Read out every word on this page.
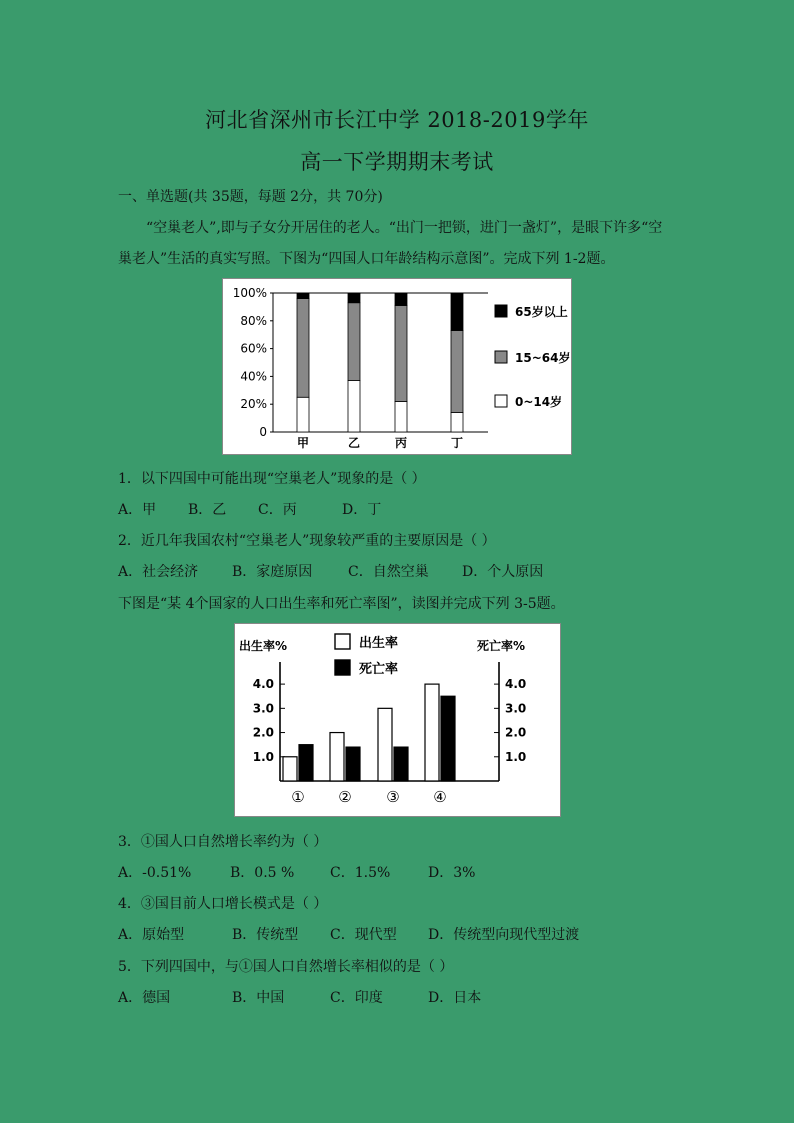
河北省深州市长江中学 2018-2019学年
高一下学期期末考试
一、单选题(共 35题，每题 2分，共 70分)
“空巢老人”,即与子女分开居住的老人。“出门一把锁，进门一盏灯”，是眼下许多“空
巢老人”生活的真实写照。下图为“四国人口年龄结构示意图”。完成下列 1-2题。
0
20%
40%
60%
80%
100%
甲	乙	丙	丁
65岁以上
15~64岁
0~14岁
1．以下四国中可能出现“空巢老人”现象的是（ ）
A．甲 B．乙 C．丙	D．丁
2．近几年我国农村“空巢老人”现象较严重的主要原因是（ ）
A．社会经济 B．家庭原因	C．自然空巢 D．个人原因
下图是“某 4个国家的人口出生率和死亡率图”，读图并完成下列 3-5题。
出生率%	死亡率%
1.0	1.0
2.0	2.0
3.0	3.0
4.0	4.0
① ② ③ ④
出生率
死亡率
3．①国人口自然增长率约为（ ）
A．-0.51%	B．0.5 %	C．1.5%	D．3%
4．③国目前人口增长模式是（ ）
A．原始型	B．传统型 C．现代型 D．传统型向现代型过渡
5．下列四国中，与①国人口自然增长率相似的是（ ）
A．德国	B．中国	C．印度	D．日本
